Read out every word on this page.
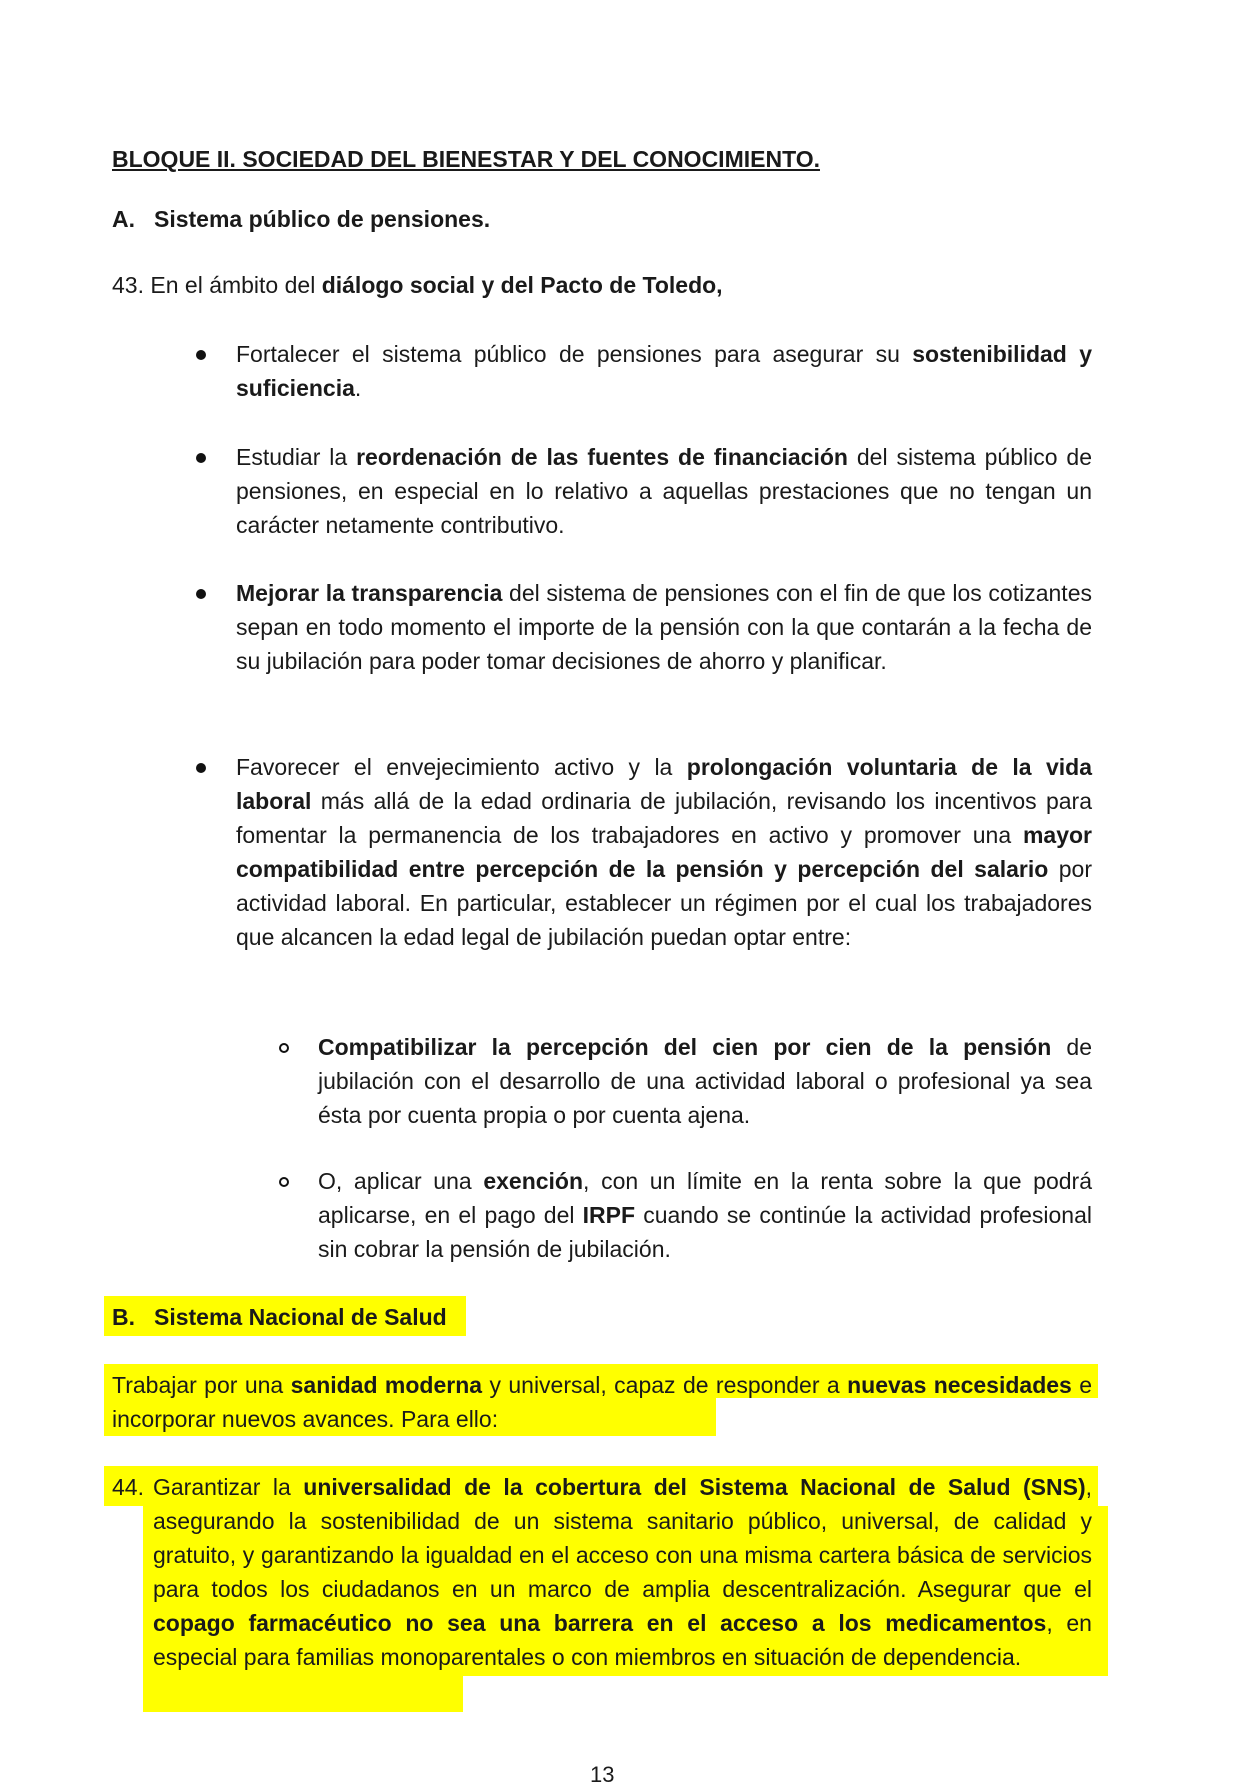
BLOQUE II. SOCIEDAD DEL BIENESTAR Y DEL CONOCIMIENTO.
A. Sistema público de pensiones.
43. En el ámbito del diálogo social y del Pacto de Toledo,
Fortalecer el sistema público de pensiones para asegurar su sostenibilidad y suficiencia.
Estudiar la reordenación de las fuentes de financiación del sistema público de pensiones, en especial en lo relativo a aquellas prestaciones que no tengan un carácter netamente contributivo.
Mejorar la transparencia del sistema de pensiones con el fin de que los cotizantes sepan en todo momento el importe de la pensión con la que contarán a la fecha de su jubilación para poder tomar decisiones de ahorro y planificar.
Favorecer el envejecimiento activo y la prolongación voluntaria de la vida laboral más allá de la edad ordinaria de jubilación, revisando los incentivos para fomentar la permanencia de los trabajadores en activo y promover una mayor compatibilidad entre percepción de la pensión y percepción del salario por actividad laboral. En particular, establecer un régimen por el cual los trabajadores que alcancen la edad legal de jubilación puedan optar entre:
Compatibilizar la percepción del cien por cien de la pensión de jubilación con el desarrollo de una actividad laboral o profesional ya sea ésta por cuenta propia o por cuenta ajena.
O, aplicar una exención, con un límite en la renta sobre la que podrá aplicarse, en el pago del IRPF cuando se continúe la actividad profesional sin cobrar la pensión de jubilación.
B. Sistema Nacional de Salud
Trabajar por una sanidad moderna y universal, capaz de responder a nuevas necesidades e incorporar nuevos avances. Para ello:
44. Garantizar la universalidad de la cobertura del Sistema Nacional de Salud (SNS), asegurando la sostenibilidad de un sistema sanitario público, universal, de calidad y gratuito, y garantizando la igualdad en el acceso con una misma cartera básica de servicios para todos los ciudadanos en un marco de amplia descentralización. Asegurar que el copago farmacéutico no sea una barrera en el acceso a los medicamentos, en especial para familias monoparentales o con miembros en situación de dependencia.
13
